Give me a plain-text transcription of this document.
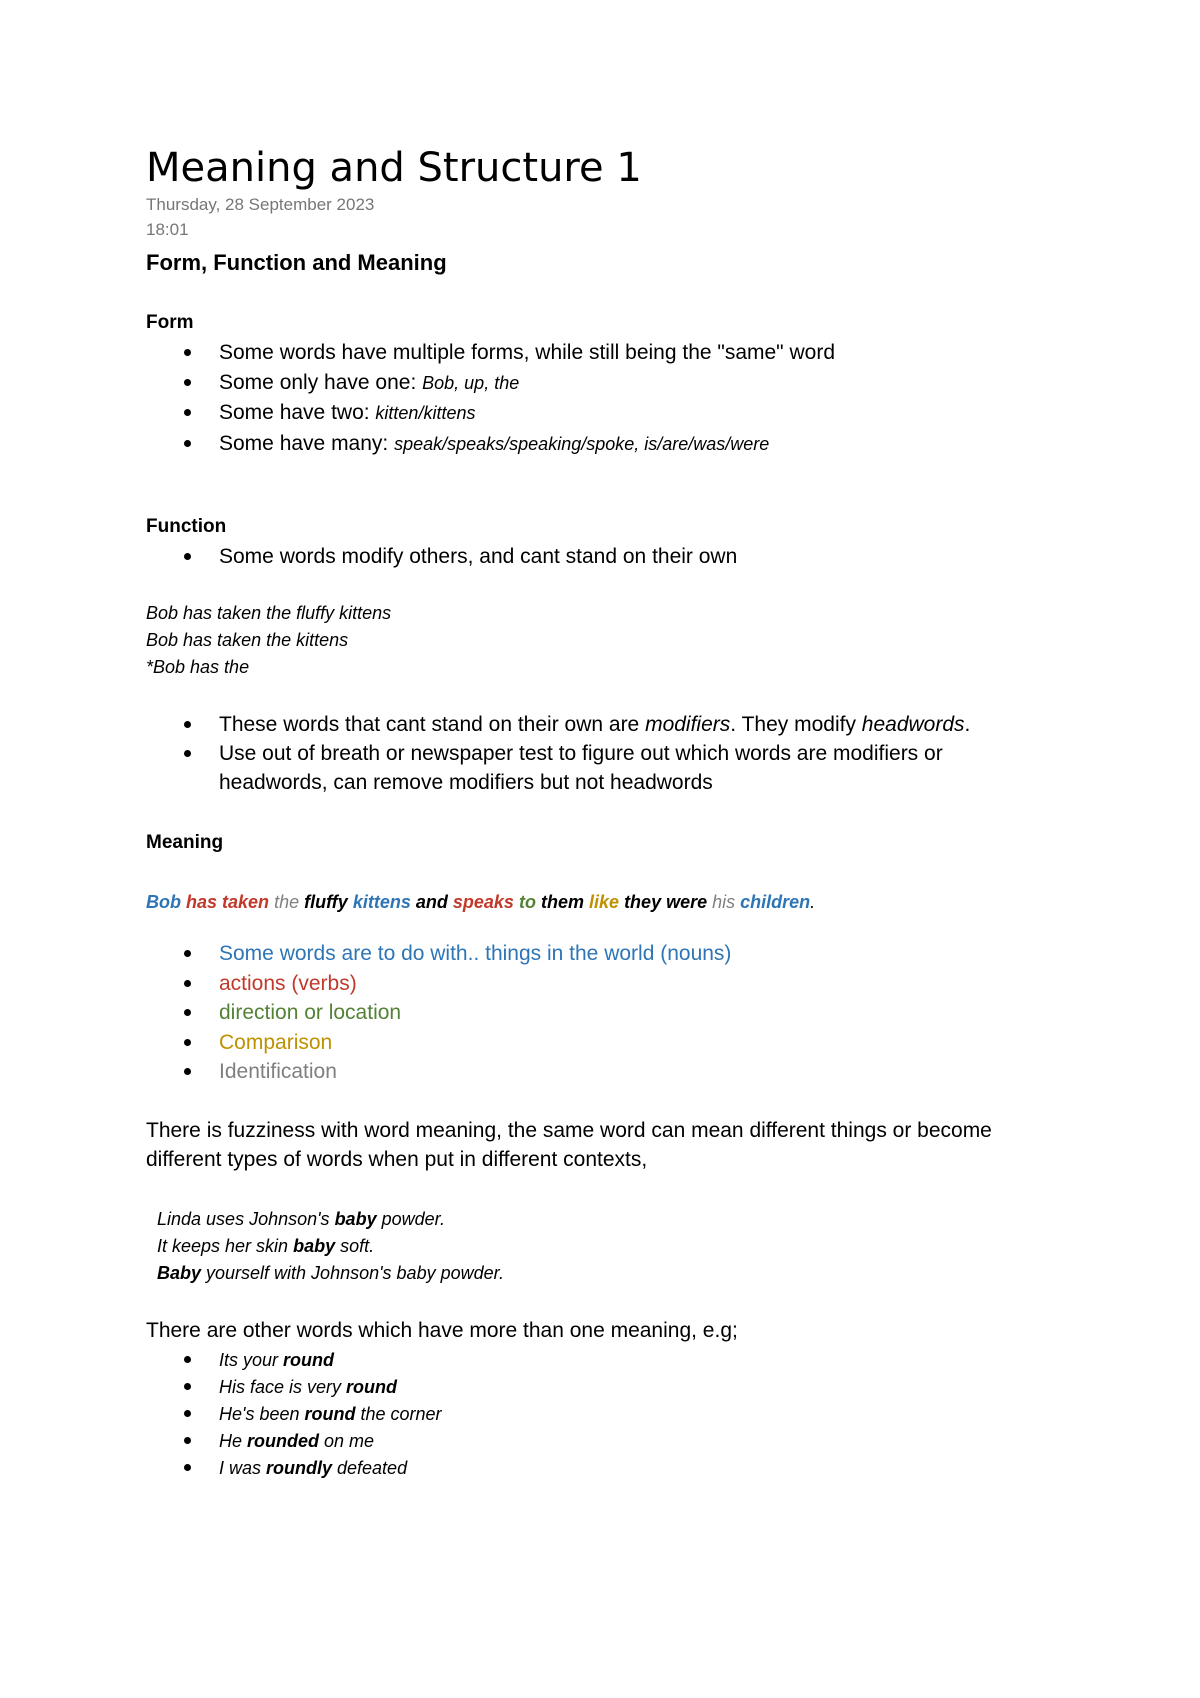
Meaning and Structure 1
Thursday, 28 September 2023
18:01
Form, Function and Meaning
Form
Some words have multiple forms, while still being the "same" word
Some only have one: Bob, up, the
Some have two: kitten/kittens
Some have many: speak/speaks/speaking/spoke, is/are/was/were
Function
Some words modify others, and cant stand on their own
Bob has taken the fluffy kittens
Bob has taken the kittens
*Bob has the
These words that cant stand on their own are modifiers. They modify headwords.
Use out of breath or newspaper test to figure out which words are modifiers or
headwords, can remove modifiers but not headwords
Meaning
Bob has taken the fluffy kittens and speaks to them like they were his children.
Some words are to do with.. things in the world (nouns)
actions (verbs)
direction or location
Comparison
Identification
There is fuzziness with word meaning, the same word can mean different things or become
different types of words when put in different contexts,
Linda uses Johnson's baby powder.
It keeps her skin baby soft.
Baby yourself with Johnson's baby powder.
There are other words which have more than one meaning, e.g;
Its your round
His face is very round
He's been round the corner
He rounded on me
I was roundly defeated
